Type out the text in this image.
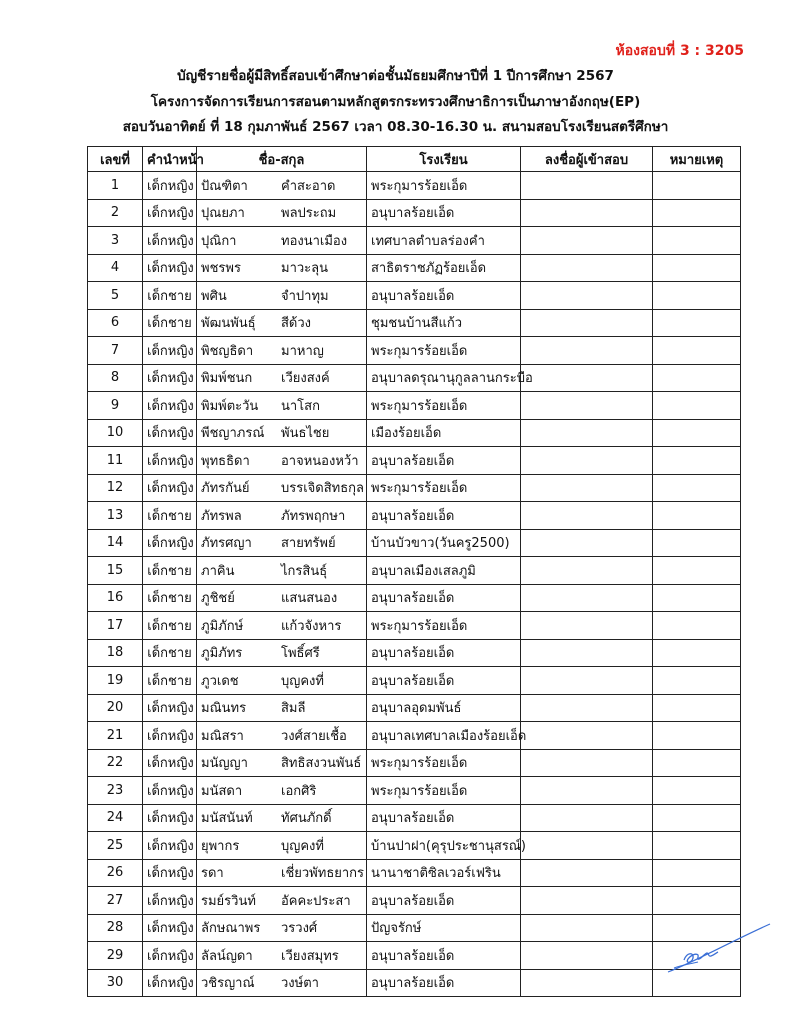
ห้องสอบที่ 3 : 3205
บัญชีรายชื่อผู้มีสิทธิ์สอบเข้าศึกษาต่อชั้นมัธยมศึกษาปีที่ 1 ปีการศึกษา 2567
โครงการจัดการเรียนการสอนตามหลักสูตรกระทรวงศึกษาธิการเป็นภาษาอังกฤษ(EP)
สอบวันอาทิตย์ ที่ 18 กุมภาพันธ์ 2567 เวลา 08.30-16.30 น. สนามสอบโรงเรียนสตรีศึกษา
เลขที่	คำนำหน้า	ชื่อ-สกุล	โรงเรียน	ลงชื่อผู้เข้าสอบ	หมายเหตุ
1	เด็กหญิง	ปัณฑิตา คำสะอาด	พระกุมารร้อยเอ็ด		
2	เด็กหญิง	ปุณยภา พลประถม	อนุบาลร้อยเอ็ด		
3	เด็กหญิง	ปุณิกา ทองนาเมือง	เทศบาลตำบลร่องคำ		
4	เด็กหญิง	พชรพร มาวะลุน	สาธิตราชภัฏร้อยเอ็ด		
5	เด็กชาย	พศิน จำปาทุม	อนุบาลร้อยเอ็ด		
6	เด็กชาย	พัฒนพันธุ์ สีด้วง	ชุมชนบ้านสีแก้ว		
7	เด็กหญิง	พิชญธิดา มาหาญ	พระกุมารร้อยเอ็ด		
8	เด็กหญิง	พิมพ์ชนก เวียงสงค์	อนุบาลดรุณานุกูลลานกระบือ		
9	เด็กหญิง	พิมพ์ตะวัน นาโสก	พระกุมารร้อยเอ็ด		
10	เด็กหญิง	พีชญาภรณ์ พันธไชย	เมืองร้อยเอ็ด		
11	เด็กหญิง	พุทธธิดา อาจหนองหว้า	อนุบาลร้อยเอ็ด		
12	เด็กหญิง	ภัทรกันย์ บรรเจิดสิทธกุล	พระกุมารร้อยเอ็ด		
13	เด็กชาย	ภัทรพล ภัทรพฤกษา	อนุบาลร้อยเอ็ด		
14	เด็กหญิง	ภัทรศญา สายทรัพย์	บ้านบัวขาว(วันครู2500)		
15	เด็กชาย	ภาคิน ไกรสินธุ์	อนุบาลเมืองเสลภูมิ		
16	เด็กชาย	ภูชิชย์ แสนสนอง	อนุบาลร้อยเอ็ด		
17	เด็กชาย	ภูมิภักษ์ แก้วจังหาร	พระกุมารร้อยเอ็ด		
18	เด็กชาย	ภูมิภัทร โพธิ์ศรี	อนุบาลร้อยเอ็ด		
19	เด็กชาย	ภูวเดช บุญคงที่	อนุบาลร้อยเอ็ด		
20	เด็กหญิง	มณินทร สิมลี	อนุบาลอุดมพันธ์		
21	เด็กหญิง	มณิสรา วงศ์สายเชื้อ	อนุบาลเทศบาลเมืองร้อยเอ็ด		
22	เด็กหญิง	มนัญญา สิทธิสงวนพันธ์	พระกุมารร้อยเอ็ด		
23	เด็กหญิง	มนัสดา เอกศิริ	พระกุมารร้อยเอ็ด		
24	เด็กหญิง	มนัสนันท์ ทัศนภักดิ์	อนุบาลร้อยเอ็ด		
25	เด็กหญิง	ยุพากร บุญคงที่	บ้านปาฝา(คุรุประชานุสรณ์)		
26	เด็กหญิง	รดา เชี่ยวพัทธยากร	นานาชาติซิลเวอร์เฟริน		
27	เด็กหญิง	รมย์รวินท์ อัคคะประสา	อนุบาลร้อยเอ็ด		
28	เด็กหญิง	ลักษณาพร วรวงศ์	ปัญจรักษ์		
29	เด็กหญิง	ลัลน์ญดา เวียงสมุทร	อนุบาลร้อยเอ็ด		
30	เด็กหญิง	วชิรญาณ์ วงษ์ตา	อนุบาลร้อยเอ็ด		
